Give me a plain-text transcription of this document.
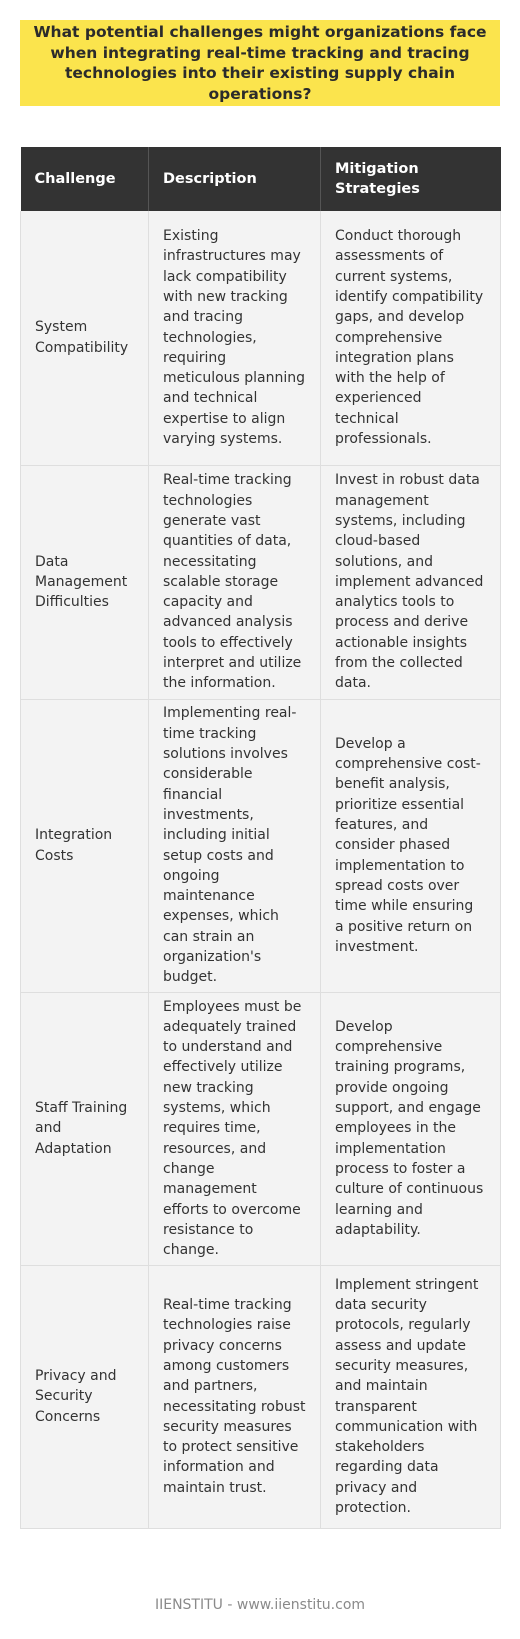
What potential challenges might organizations face when integrating real-time tracking and tracing technologies into their existing supply chain operations?
Challenge	Description	Mitigation Strategies
System Compatibility	Existing infrastructures may lack compatibility with new tracking and tracing technologies, requiring meticulous planning and technical expertise to align varying systems.	Conduct thorough assessments of current systems, identify compatibility gaps, and develop comprehensive integration plans with the help of experienced technical professionals.
Data Management Difficulties	Real-time tracking technologies generate vast quantities of data, necessitating scalable storage capacity and advanced analysis tools to effectively interpret and utilize the information.	Invest in robust data management systems, including cloud-based solutions, and implement advanced analytics tools to process and derive actionable insights from the collected data.
Integration Costs	Implementing real-time tracking solutions involves considerable financial investments, including initial setup costs and ongoing maintenance expenses, which can strain an organization's budget.	Develop a comprehensive cost-benefit analysis, prioritize essential features, and consider phased implementation to spread costs over time while ensuring a positive return on investment.
Staff Training and Adaptation	Employees must be adequately trained to understand and effectively utilize new tracking systems, which requires time, resources, and change management efforts to overcome resistance to change.	Develop comprehensive training programs, provide ongoing support, and engage employees in the implementation process to foster a culture of continuous learning and adaptability.
Privacy and Security Concerns	Real-time tracking technologies raise privacy concerns among customers and partners, necessitating robust security measures to protect sensitive information and maintain trust.	Implement stringent data security protocols, regularly assess and update security measures, and maintain transparent communication with stakeholders regarding data privacy and protection.
IIENSTITU - www.iienstitu.com
